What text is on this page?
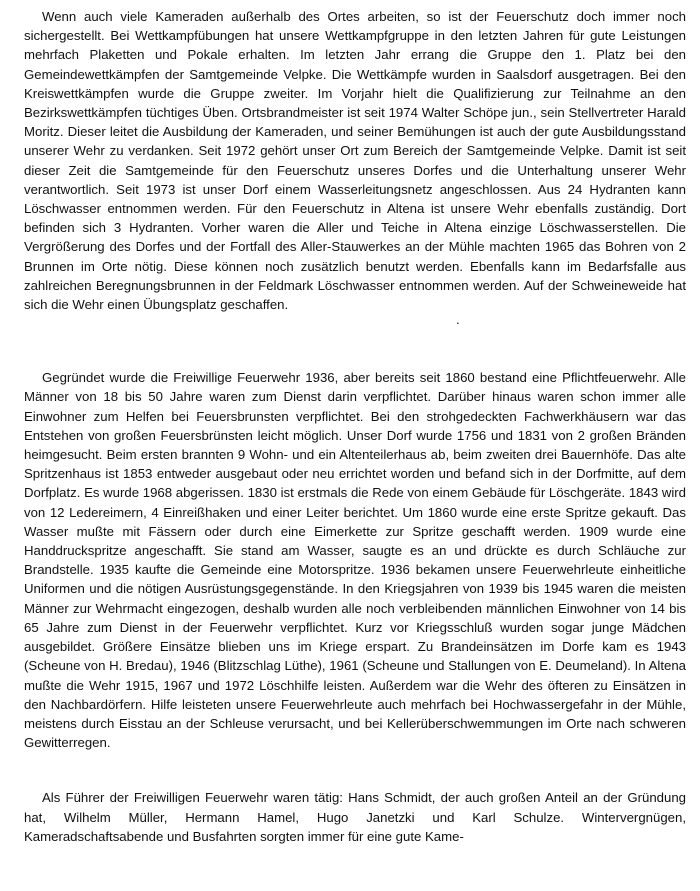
Wenn auch viele Kameraden außerhalb des Ortes arbeiten, so ist der Feuerschutz doch immer noch sichergestellt. Bei Wettkampfübungen hat unsere Wettkampfgruppe in den letzten Jahren für gute Leistungen mehrfach Plaketten und Pokale erhalten. Im letzten Jahr errang die Gruppe den 1. Platz bei den Gemeindewettkämpfen der Samtgemeinde Velpke. Die Wettkämpfe wurden in Saalsdorf ausgetragen. Bei den Kreiswettkämpfen wurde die Gruppe zweiter. Im Vorjahr hielt die Qualifizierung zur Teilnahme an den Bezirkswettkämpfen tüchtiges Üben. Ortsbrandmeister ist seit 1974 Walter Schöpe jun., sein Stellvertreter Harald Moritz. Dieser leitet die Ausbildung der Kameraden, und seiner Bemühungen ist auch der gute Ausbildungsstand unserer Wehr zu verdanken. Seit 1972 gehört unser Ort zum Bereich der Samtgemeinde Velpke. Damit ist seit dieser Zeit die Samtgemeinde für den Feuerschutz unseres Dorfes und die Unterhaltung unserer Wehr verantwortlich. Seit 1973 ist unser Dorf einem Wasserleitungsnetz angeschlossen. Aus 24 Hydranten kann Löschwasser entnommen werden. Für den Feuerschutz in Altena ist unsere Wehr ebenfalls zuständig. Dort befinden sich 3 Hydranten. Vorher waren die Aller und Teiche in Altena einzige Löschwasserstellen. Die Vergrößerung des Dorfes und der Fortfall des Aller-Stauwerkes an der Mühle machten 1965 das Bohren von 2 Brunnen im Orte nötig. Diese können noch zusätzlich benutzt werden. Ebenfalls kann im Bedarfsfalle aus zahlreichen Beregnungsbrunnen in der Feldmark Löschwasser entnommen werden. Auf der Schweineweide hat sich die Wehr einen Übungsplatz geschaffen.

.

Gegründet wurde die Freiwillige Feuerwehr 1936, aber bereits seit 1860 bestand eine Pflichtfeuerwehr. Alle Männer von 18 bis 50 Jahre waren zum Dienst darin verpflichtet. Darüber hinaus waren schon immer alle Einwohner zum Helfen bei Feuersbrunsten verpflichtet. Bei den strohgedeckten Fachwerkhäusern war das Entstehen von großen Feuersbrünsten leicht möglich. Unser Dorf wurde 1756 und 1831 von 2 großen Bränden heimgesucht. Beim ersten brannten 9 Wohn- und ein Altenteilerhaus ab, beim zweiten drei Bauernhöfe. Das alte Spritzenhaus ist 1853 entweder ausgebaut oder neu errichtet worden und befand sich in der Dorfmitte, auf dem Dorfplatz. Es wurde 1968 abgerissen. 1830 ist erstmals die Rede von einem Gebäude für Löschgeräte. 1843 wird von 12 Ledereimern, 4 Einreißhaken und einer Leiter berichtet. Um 1860 wurde eine erste Spritze gekauft. Das Wasser mußte mit Fässern oder durch eine Eimerkette zur Spritze geschafft werden. 1909 wurde eine Handdruckspritze angeschafft. Sie stand am Wasser, saugte es an und drückte es durch Schläuche zur Brandstelle. 1935 kaufte die Gemeinde eine Motorspritze. 1936 bekamen unsere Feuerwehrleute einheitliche Uniformen und die nötigen Ausrüstungsgegenstände. In den Kriegsjahren von 1939 bis 1945 waren die meisten Männer zur Wehrmacht eingezogen, deshalb wurden alle noch verbleibenden männlichen Einwohner von 14 bis 65 Jahre zum Dienst in der Feuerwehr verpflichtet. Kurz vor Kriegsschluß wurden sogar junge Mädchen ausgebildet. Größere Einsätze blieben uns im Kriege erspart. Zu Brandeinsätzen im Dorfe kam es 1943 (Scheune von H. Bredau), 1946 (Blitzschlag Lüthe), 1961 (Scheune und Stallungen von E. Deumeland). In Altena mußte die Wehr 1915, 1967 und 1972 Löschhilfe leisten. Außerdem war die Wehr des öfteren zu Einsätzen in den Nachbardörfern. Hilfe leisteten unsere Feuerwehrleute auch mehrfach bei Hochwassergefahr in der Mühle, meistens durch Eisstau an der Schleuse verursacht, und bei Kellerüberschwemmungen im Orte nach schweren Gewitterregen.

Als Führer der Freiwilligen Feuerwehr waren tätig: Hans Schmidt, der auch großen Anteil an der Gründung hat, Wilhelm Müller, Hermann Hamel, Hugo Janetzki und Karl Schulze. Wintervergnügen, Kameradschaftsabende und Busfahrten sorgten immer für eine gute Kame-
